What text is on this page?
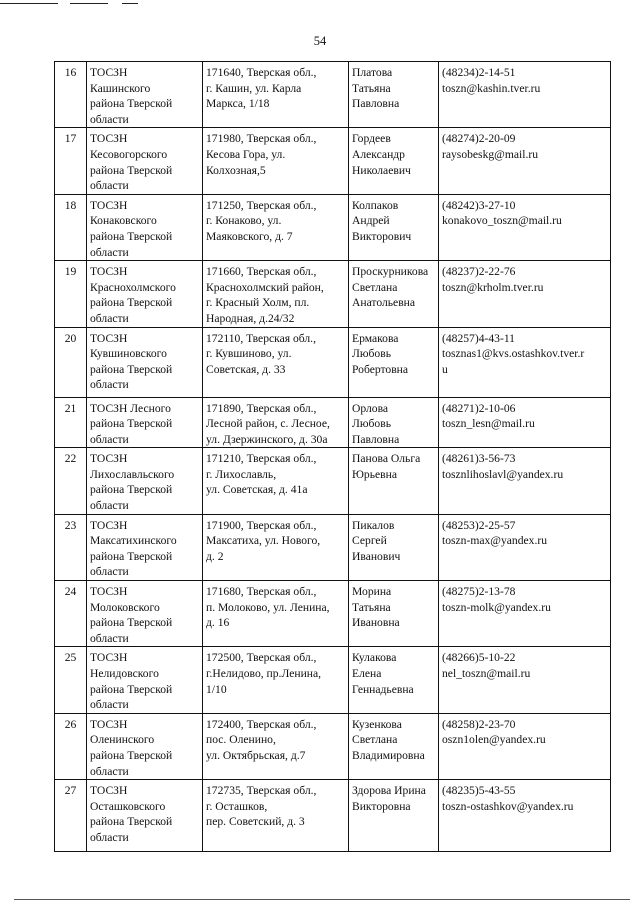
54
16	ТОСЗН
Кашинского
района Тверской
области	171640, Тверская обл.,
г. Кашин, ул. Карла
Маркса, 1/18	Платова
Татьяна
Павловна	(48234)2-14-51
toszn@kashin.tver.ru

17	ТОСЗН
Кесовогорского
района Тверской
области	171980, Тверская обл.,
Кесова Гора, ул.
Колхозная,5	Гордеев
Александр
Николаевич	(48274)2-20-09
raysobeskg@mail.ru

18	ТОСЗН
Конаковского
района Тверской
области	171250, Тверская обл.,
г. Конаково, ул.
Маяковского, д. 7	Колпаков
Андрей
Викторович	(48242)3-27-10
konakovo_toszn@mail.ru

19	ТОСЗН
Краснохолмского
района Тверской
области	171660, Тверская обл.,
Краснохолмский район,
г. Красный Холм, пл.
Народная, д.24/32	Проскурникова
Светлана
Анатольевна	(48237)2-22-76
toszn@krholm.tver.ru

20	ТОСЗН
Кувшиновского
района Тверской
области	172110, Тверская обл.,
г. Кувшиново, ул.
Советская, д. 33	Ермакова
Любовь
Робертовна	(48257)4-43-11
tosznas1@kvs.ostashkov.tver.r
u

21	ТОСЗН Лесного
района Тверской
области	171890, Тверская обл.,
Лесной район, с. Лесное,
ул. Дзержинского, д. 30а	Орлова
Любовь
Павловна	(48271)2-10-06
toszn_lesn@mail.ru

22	ТОСЗН
Лихославльского
района Тверской
области	171210, Тверская обл.,
г. Лихославль,
ул. Советская, д. 41а	Панова Ольга
Юрьевна	(48261)3-56-73
tosznlihoslavl@yandex.ru

23	ТОСЗН
Максатихинского
района Тверской
области	171900, Тверская обл.,
Максатиха, ул. Нового,
д. 2	Пикалов
Сергей
Иванович	(48253)2-25-57
toszn-max@yandex.ru

24	ТОСЗН
Молоковского
района Тверской
области	171680, Тверская обл.,
п. Молоково, ул. Ленина,
д. 16	Морина
Татьяна
Ивановна	(48275)2-13-78
toszn-molk@yandex.ru

25	ТОСЗН
Нелидовского
района Тверской
области	172500, Тверская обл.,
г.Нелидово, пр.Ленина,
1/10	Кулакова
Елена
Геннадьевна	(48266)5-10-22
nel_toszn@mail.ru

26	ТОСЗН
Оленинского
района Тверской
области	172400, Тверская обл.,
пос. Оленино,
ул. Октябрьская, д.7	Кузенкова
Светлана
Владимировна	(48258)2-23-70
oszn1olen@yandex.ru

27	ТОСЗН
Осташковского
района Тверской
области	172735, Тверская обл.,
г. Осташков,
пер. Советский, д. 3	Здорова Ирина
Викторовна	(48235)5-43-55
toszn-ostashkov@yandex.ru
